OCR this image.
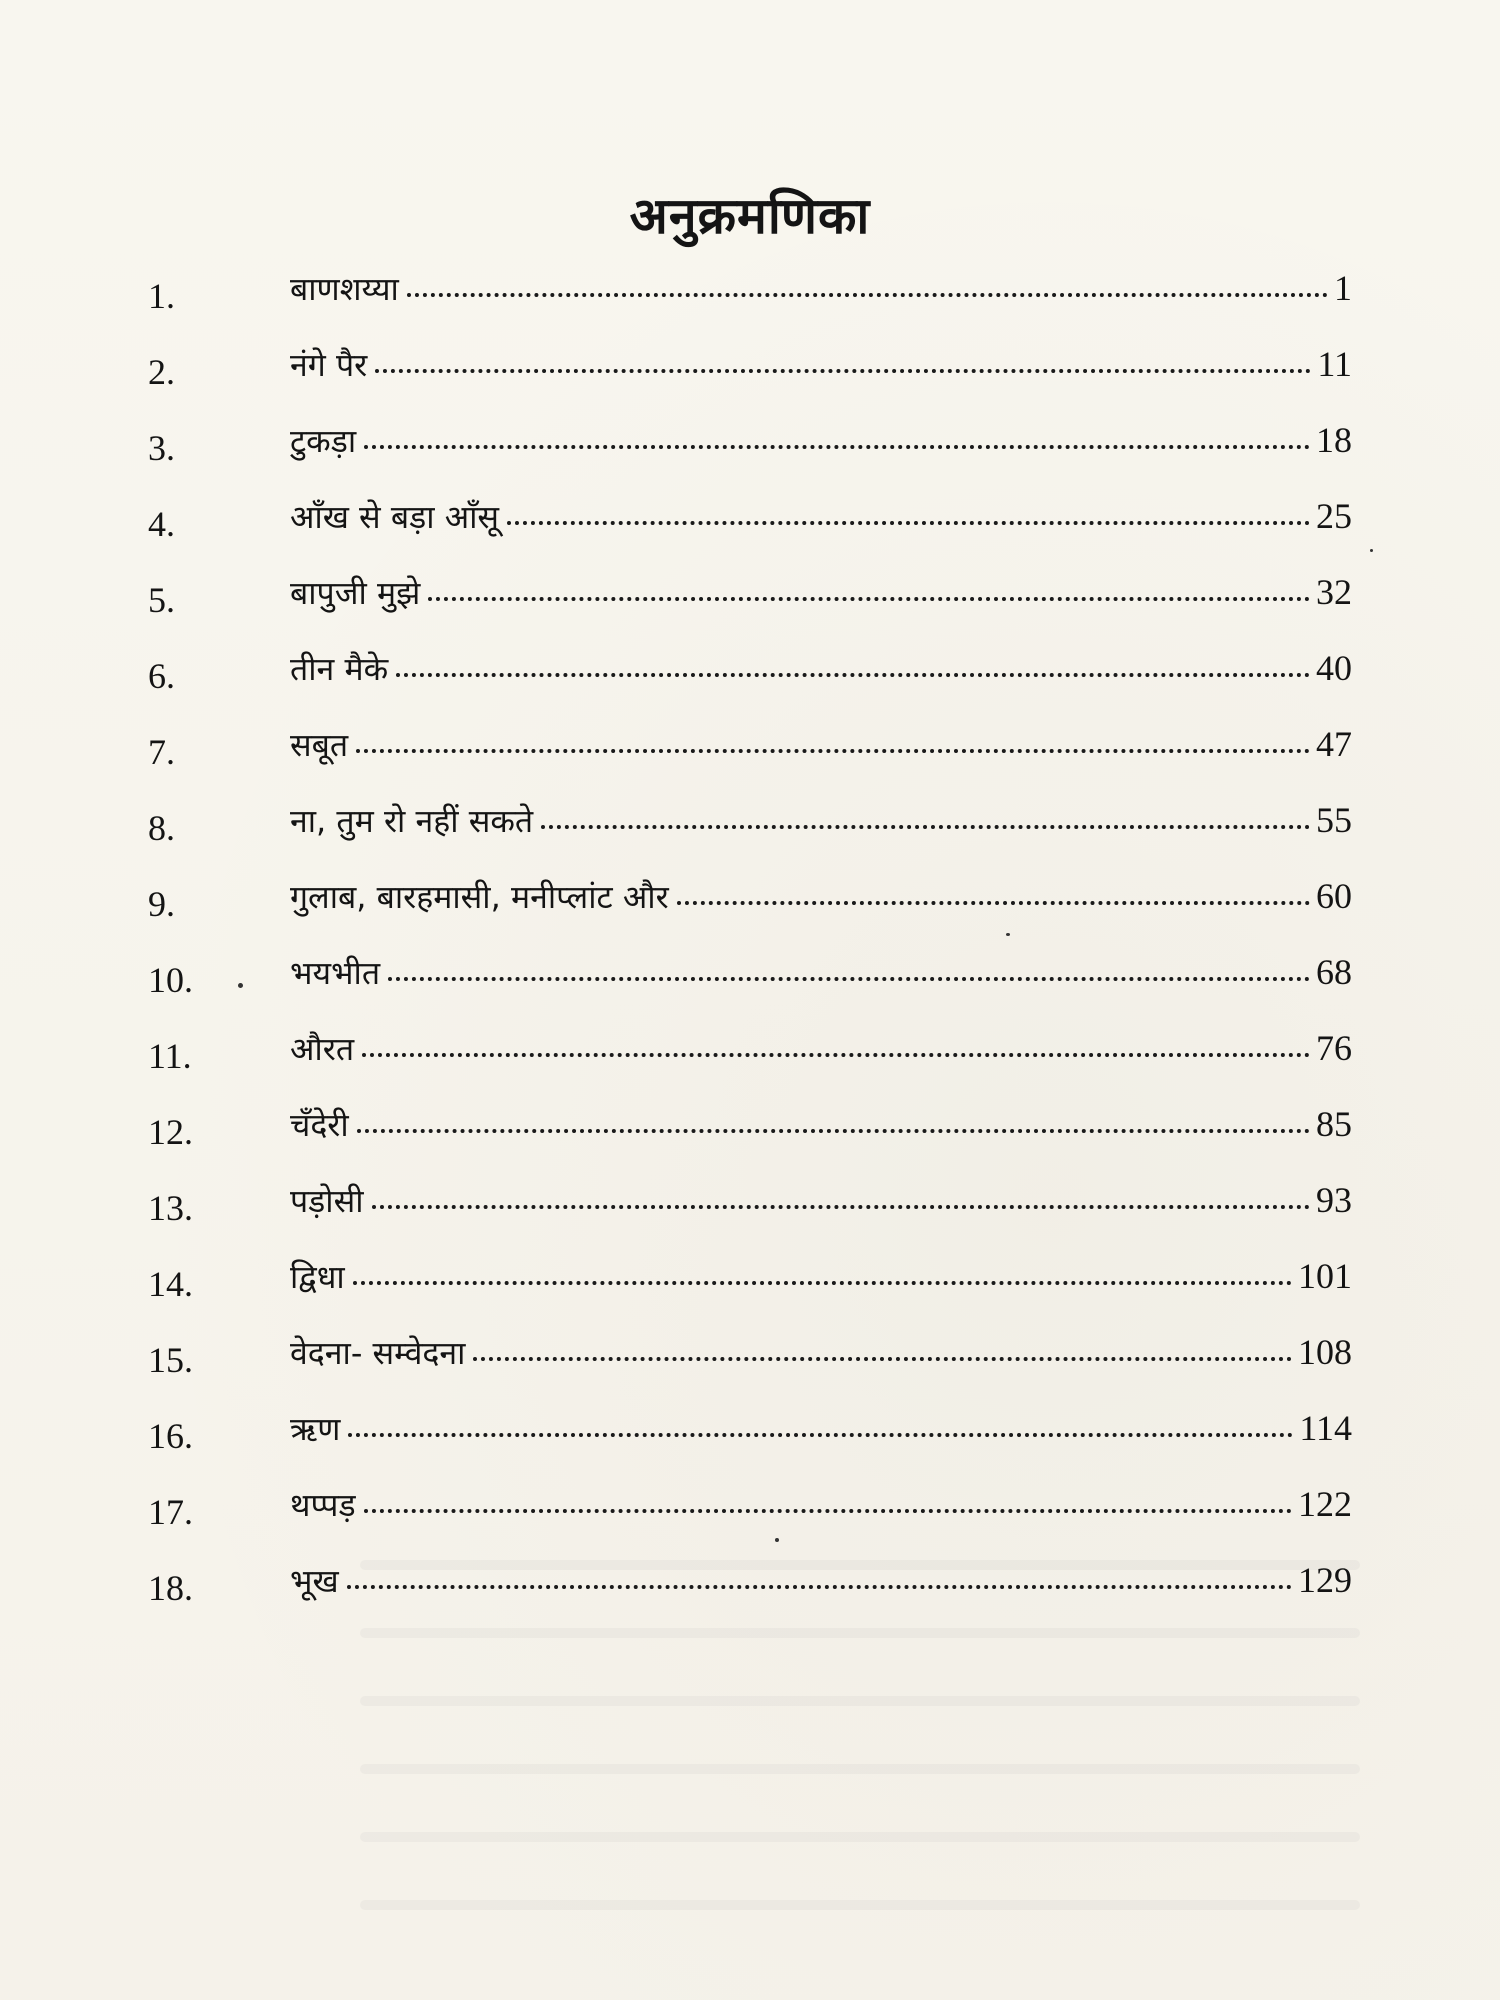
अनुक्रमणिका
1.	बाणशय्या	1
2.	नंगे पैर	11
3.	टुकड़ा	18
4.	आँख से बड़ा आँसू	25
5.	बापुजी मुझे	32
6.	तीन मैके	40
7.	सबूत	47
8.	ना, तुम रो नहीं सकते	55
9.	गुलाब, बारहमासी, मनीप्लांट और	60
10.	भयभीत	68
11.	औरत	76
12.	चँदेरी	85
13.	पड़ोसी	93
14.	द्विधा	101
15.	वेदना- सम्वेदना	108
16.	ऋण	114
17.	थप्पड़	122
18.	भूख	129
